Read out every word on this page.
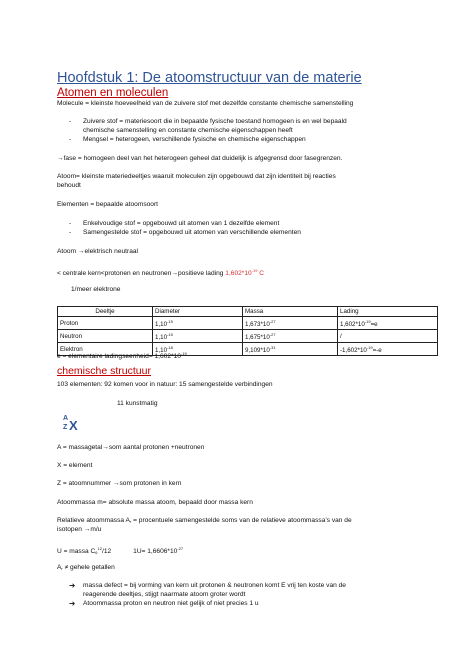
Hoofdstuk 1: De atoomstructuur van de materie
Atomen en moleculen
Molecule = kleinste hoeveelheid van de zuivere stof met dezelfde constante chemische samenstelling
- Zuivere stof = materiesoort die in bepaalde fysische toestand homogeen is en wel bepaald
chemische samenstelling en constante chemische eigenschappen heeft
- Mengsel = heterogeen, verschillende fysische en chemische eigenschappen
→fase = homogeen deel van het heterogeen geheel dat duidelijk is afgegrensd door fasegrenzen.
Atoom= kleinste materiedeeltjes waaruit moleculen zijn opgebouwd dat zijn identiteit bij reacties
behoudt
Elementen = bepaalde atoomsoort
- Enkelvoudige stof = opgebouwd uit atomen van 1 dezelfde element
- Samengestelde stof = opgebouwd uit atomen van verschillende elementen
Atoom →elektrisch neutraal
< centrale kern<protonen en neutronen→positieve lading $1,602*10^{-19}$ C
1/meer elektrone
Deeltje	Diameter	Massa	Lading
Proton	$1,10^{-15}$	$1,673*10^{-27}$	$1,602*10^{-19}=e$
Neutron	$1,10^{-15}$	$1,675*10^{-27}$	/
Elektron	$1,10^{-18}$	$9,109*10^{-31}$	$-1,602*10^{-19}=-e$
e = elementaire ladingseenheid= $1,602*10^{-19}$
chemische structuur
103 elementen: 92 komen voor in natuur: 15 samengestelde verbindingen
11 kunstmatig
A X
Z
A = massagetal→som aantal protonen +neutronen
X = element
Z = atoomnummer →som protonen in kern
Atoommassa m= absolute massa atoom, bepaald door massa kern
Relatieve atoommassa $A_r$ = procentuele samengestelde soms van de relatieve atoommassa’s van de
isotopen →m/u
U = massa $C_6^{12}/12$	$1U= 1,6606*10^{-27}$
$A_r$ ≠ gehele getallen
➔ massa defect = bij vorming van kern uit protonen & neutronen komt E vrij ten koste van de
reagerende deeltjes, stijgt naarmate atoom groter wordt
➔ Atoommassa proton en neutron niet gelijk of niet precies 1 u
